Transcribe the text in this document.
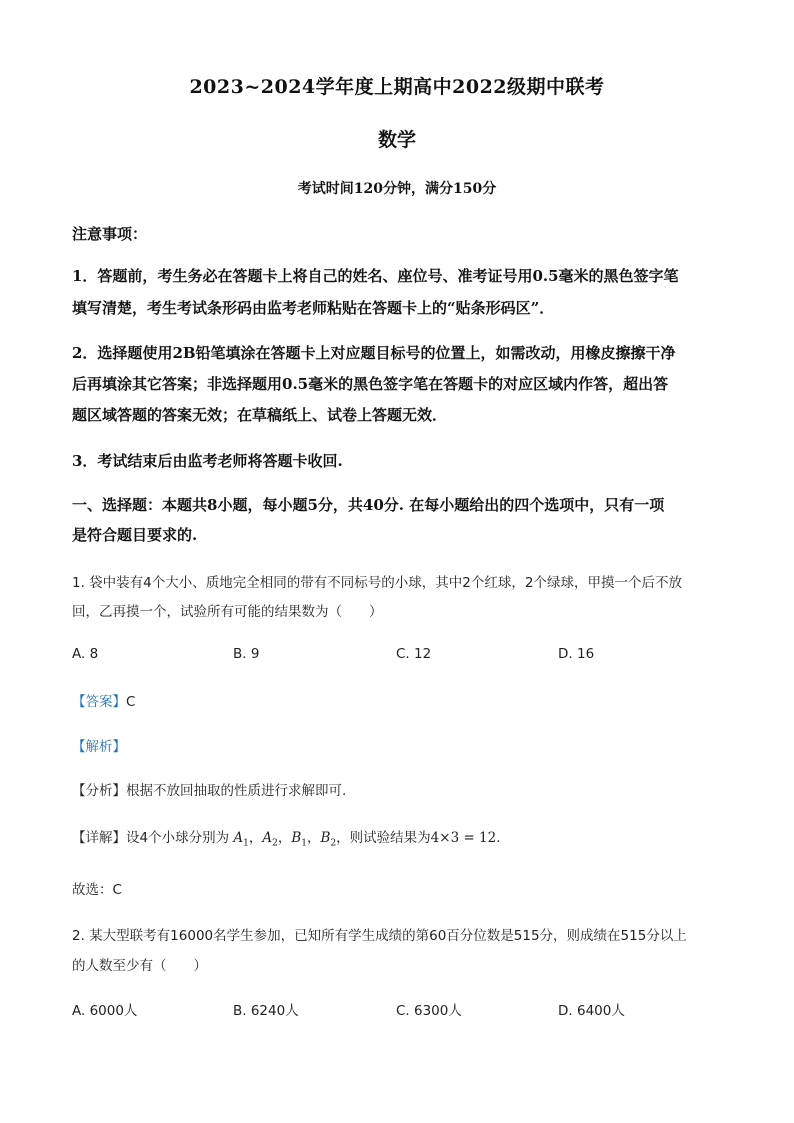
2023~2024学年度上期高中2022级期中联考
数学
考试时间120分钟，满分150分
注意事项：
1．答题前，考生务必在答题卡上将自己的姓名、座位号、准考证号用0.5毫米的黑色签字笔
填写清楚，考生考试条形码由监考老师粘贴在答题卡上的“贴条形码区”．
2．选择题使用2B铅笔填涂在答题卡上对应题目标号的位置上，如需改动，用橡皮擦擦干净
后再填涂其它答案；非选择题用0.5毫米的黑色签字笔在答题卡的对应区域内作答，超出答
题区域答题的答案无效；在草稿纸上、试卷上答题无效．
3．考试结束后由监考老师将答题卡收回.
一、选择题：本题共8小题，每小题5分，共40分. 在每小题给出的四个选项中，只有一项
是符合题目要求的.
1. 袋中装有4个大小、质地完全相同的带有不同标号的小球，其中2个红球，2个绿球，甲摸一个后不放
回，乙再摸一个，试验所有可能的结果数为（　　）
A. 8	B. 9	C. 12	D. 16
【答案】C
【解析】
【分析】根据不放回抽取的性质进行求解即可.
【详解】设4个小球分别为 $A_1$，$A_2$，$B_1$，$B_2$，则试验结果为4×3 = 12．
故选：C
2. 某大型联考有16000名学生参加，已知所有学生成绩的第60百分位数是515分，则成绩在515分以上
的人数至少有（　　）
A. 6000人	B. 6240人	C. 6300人	D. 6400人
